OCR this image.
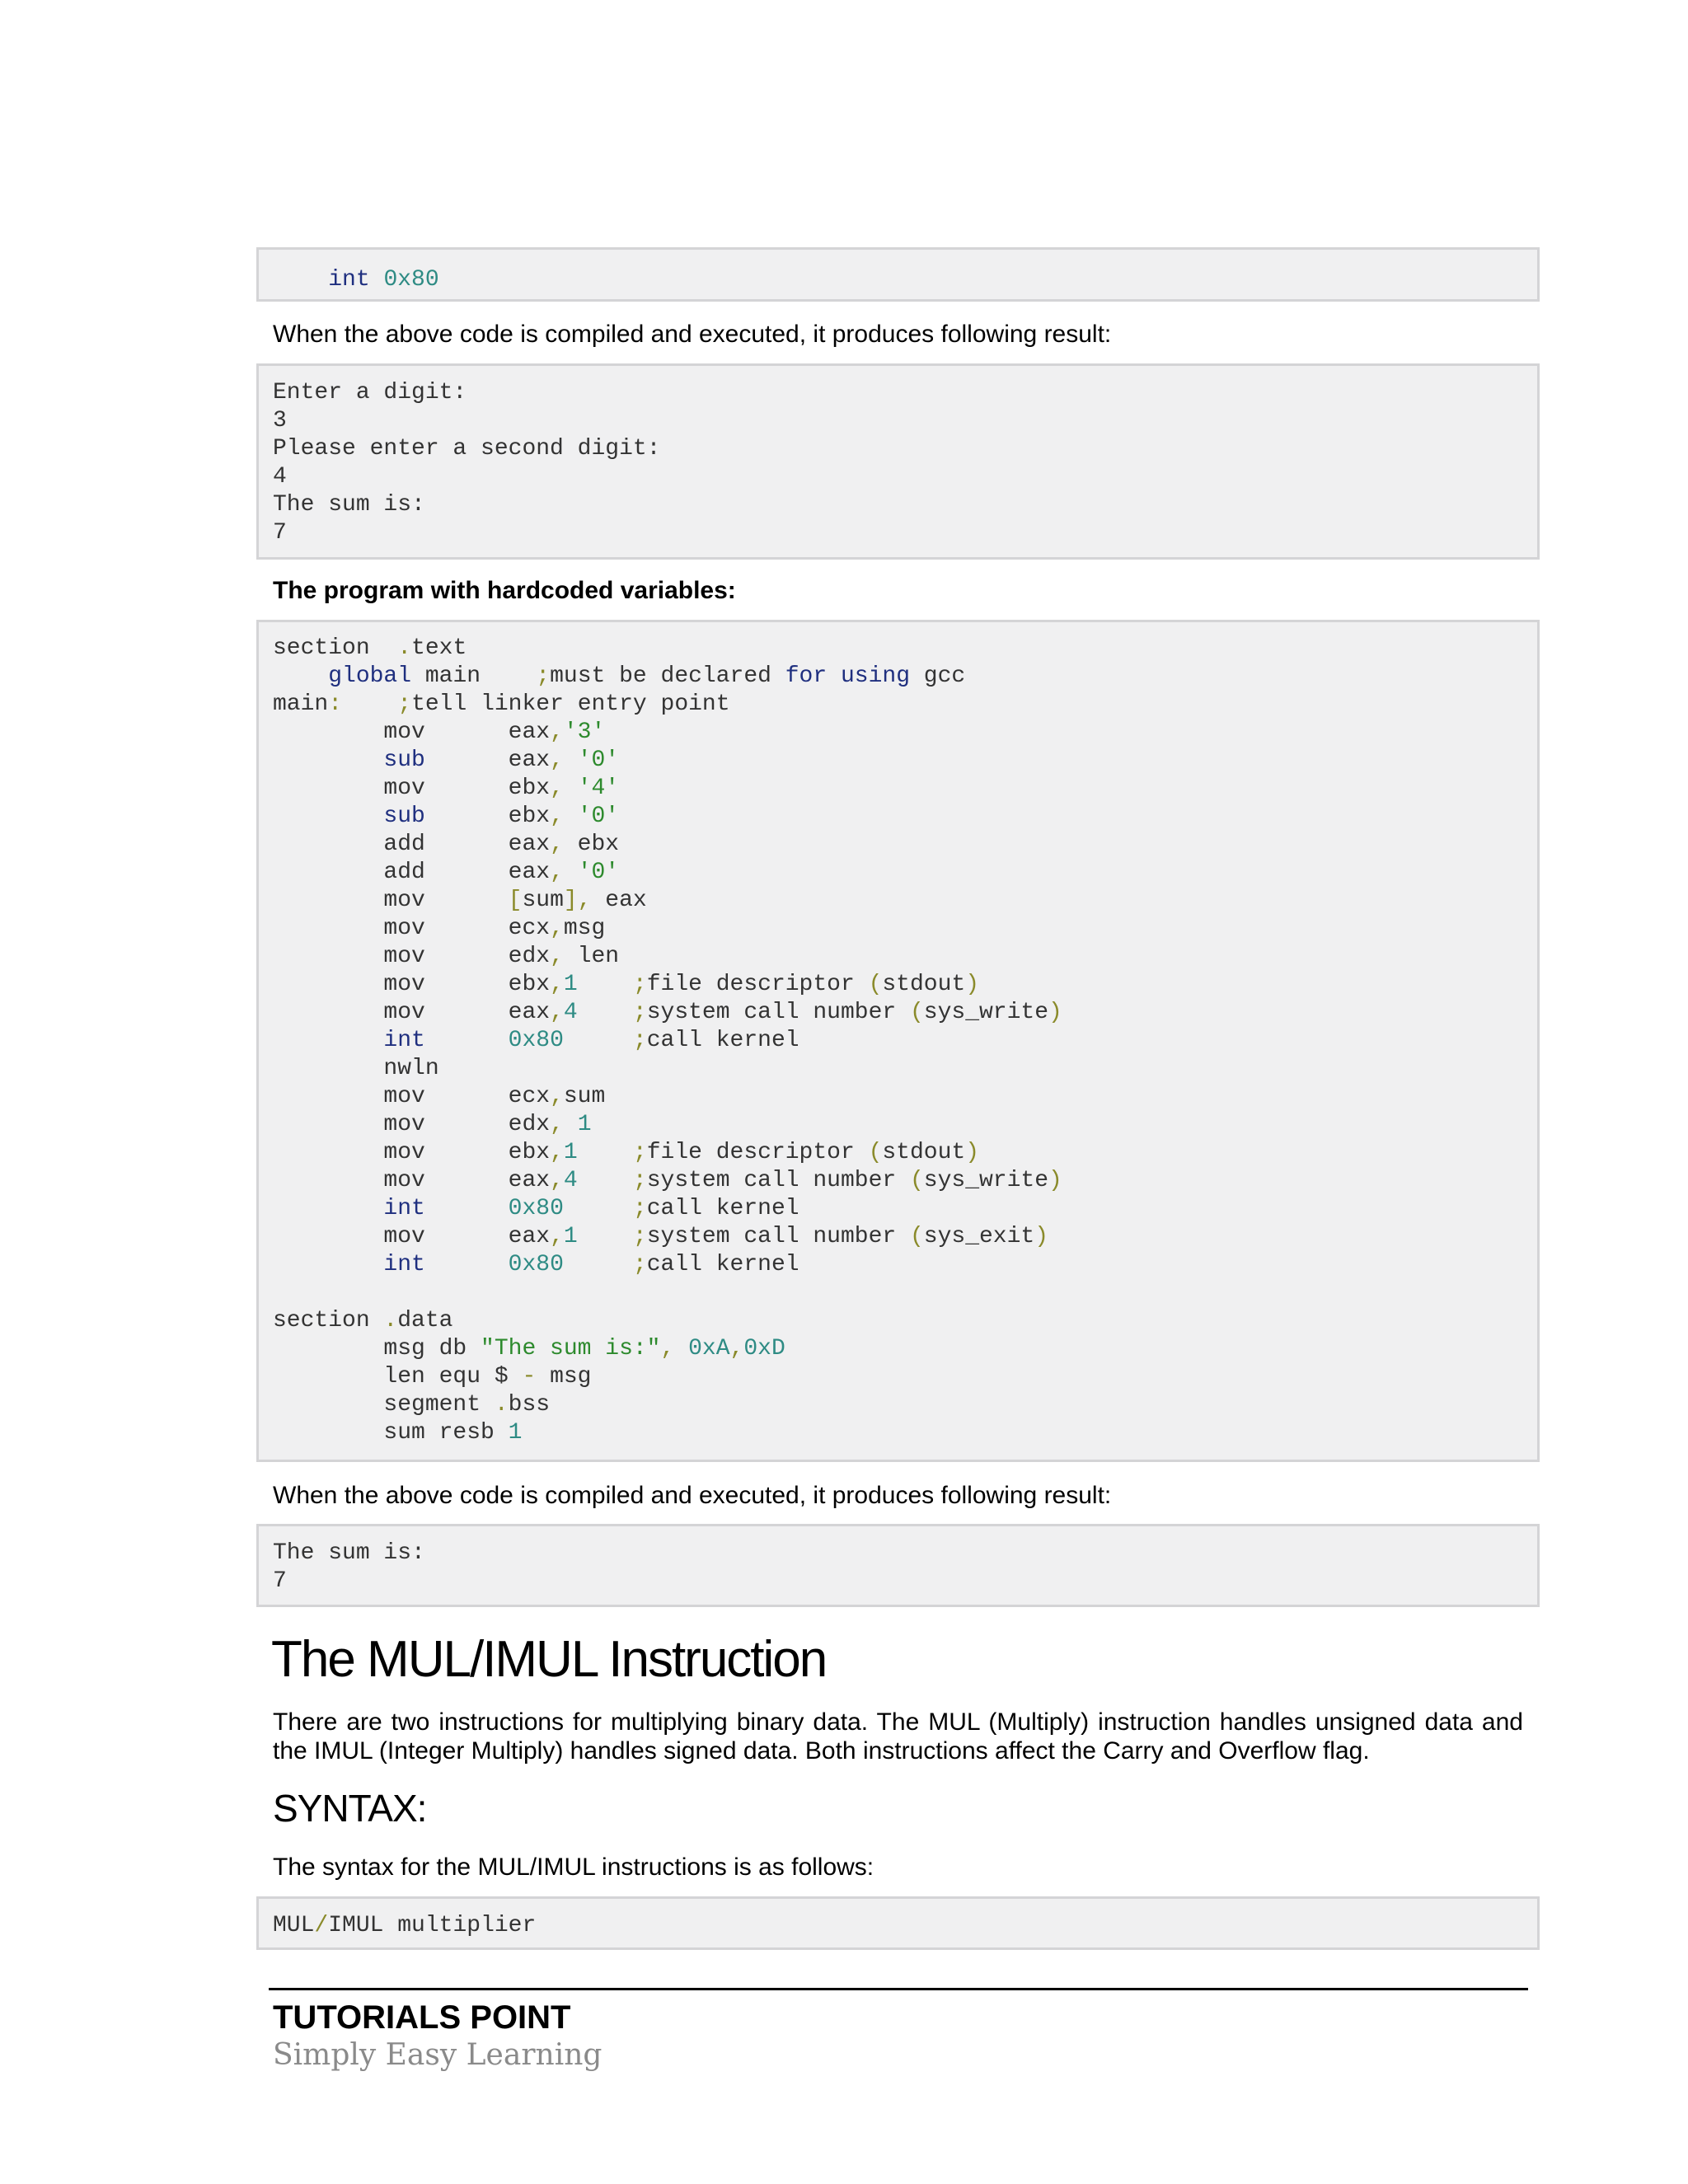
int 0x80
When the above code is compiled and executed, it produces following result:
Enter a digit:
3
Please enter a second digit:
4
The sum is:
7
The program with hardcoded variables:
section  .text
global main    ;must be declared for using gcc
main: ;tell linker entry point
mov      eax,'3'
sub      eax, '0'
mov      ebx, '4'
sub      ebx, '0'
add      eax, ebx
add      eax, '0'
mov      [sum], eax
mov      ecx,msg
mov      edx, len
mov      ebx,1 ;file descriptor (stdout)
mov      eax,4 ;system call number (sys_write)
int	0x80	;call kernel
nwln
mov      ecx,sum
mov      edx, 1
mov      ebx,1 ;file descriptor (stdout)
mov      eax,4 ;system call number (sys_write)
int	0x80	;call kernel
mov      eax,1 ;system call number (sys_exit)
int	0x80	;call kernel
section .data
msg db "The sum is:", 0xA,0xD
len equ $ - msg
segment .bss
sum resb 1
When the above code is compiled and executed, it produces following result:
The sum is:
7
The MUL/IMUL Instruction
There are two instructions for multiplying binary data. The MUL (Multiply) instruction handles unsigned data and the IMUL (Integer Multiply) handles signed data. Both instructions affect the Carry and Overflow flag.
SYNTAX:
The syntax for the MUL/IMUL instructions is as follows:
MUL/IMUL multiplier
TUTORIALS POINT
Simply Easy Learning
